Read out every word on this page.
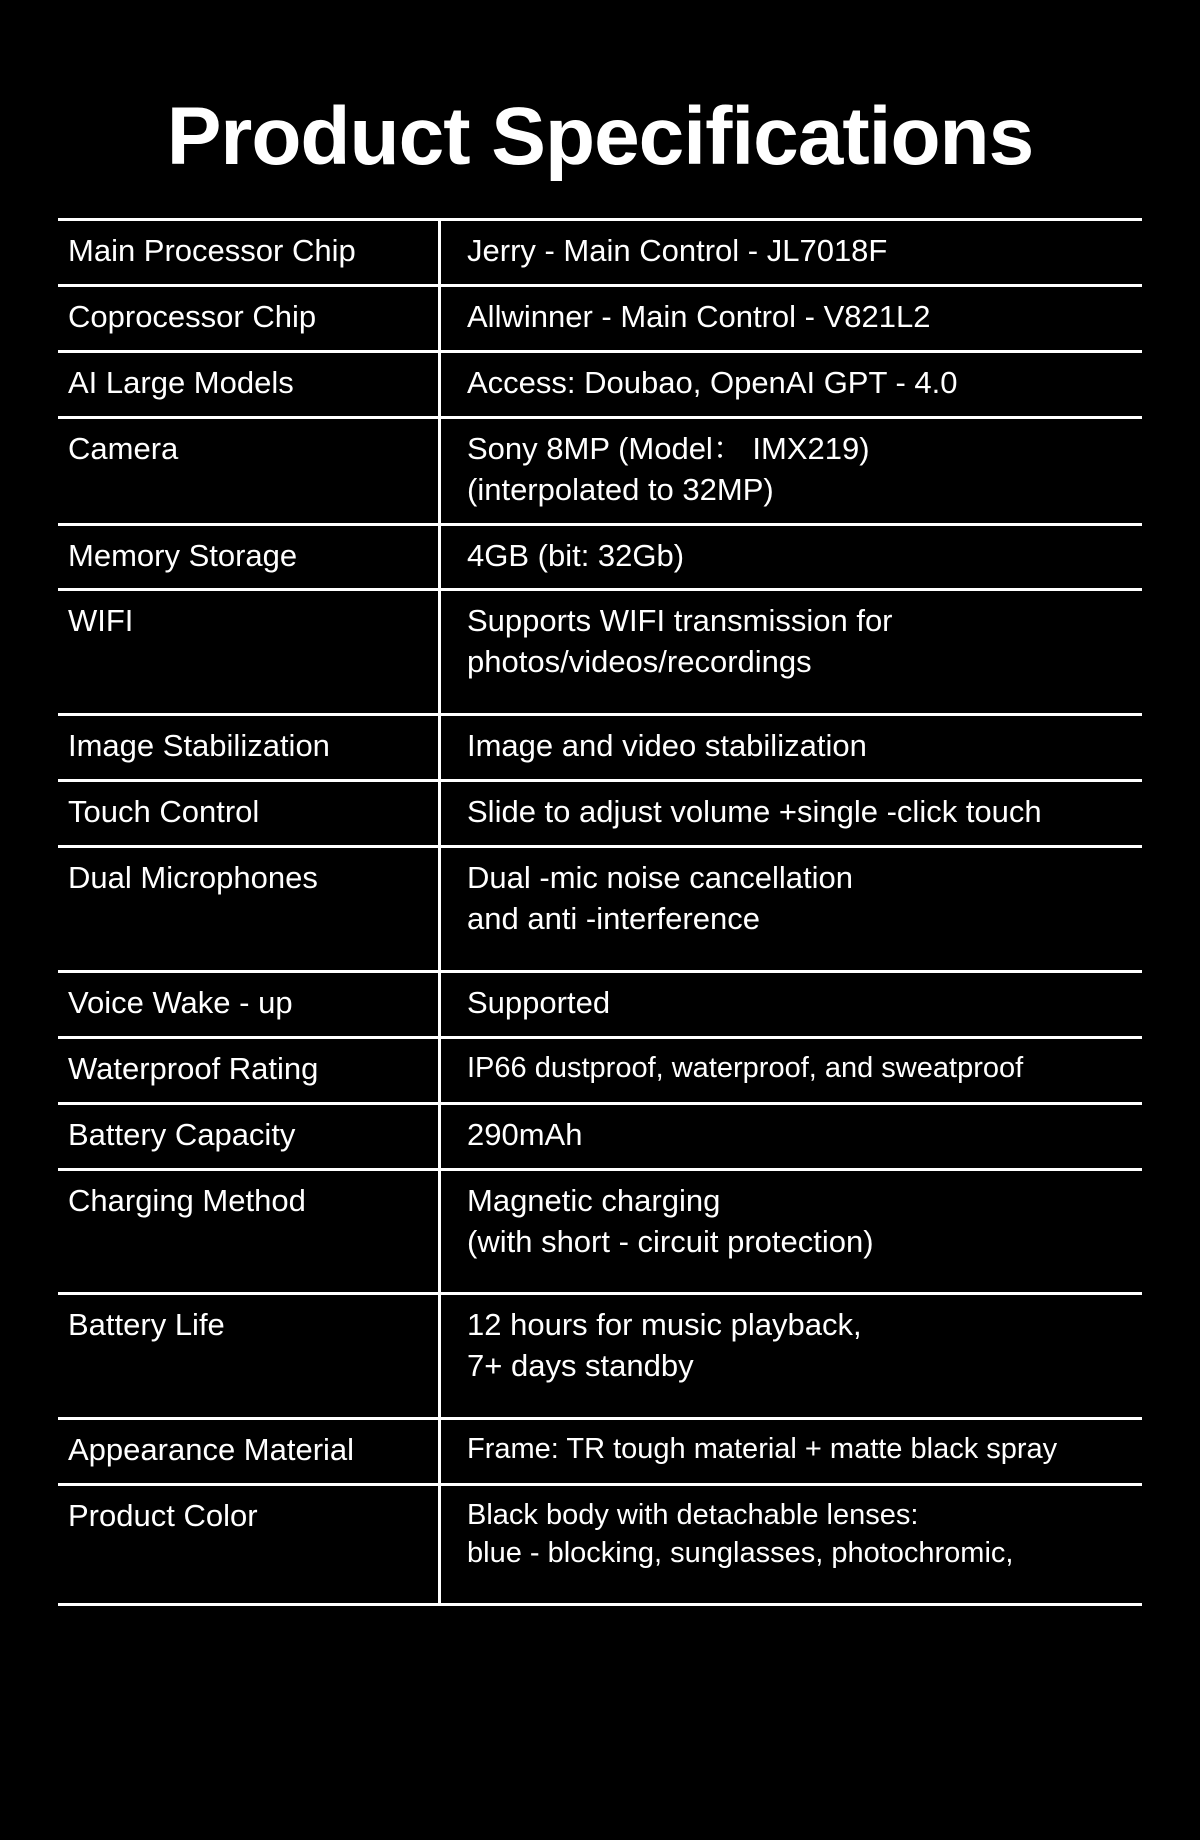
Product Specifications
Main Processor Chip	Jerry - Main Control - JL7018F

Coprocessor Chip	Allwinner - Main Control - V821L2

AI Large Models	Access: Doubao, OpenAI GPT - 4.0

Camera	Sony 8MP (Model： IMX219)
(interpolated to 32MP)

Memory Storage	4GB (bit: 32Gb)

WIFI	Supports WIFI transmission for
photos/videos/recordings

Image Stabilization	Image and video stabilization

Touch Control	Slide to adjust volume +single -click touch

Dual Microphones	Dual -mic noise cancellation
and anti -interference

Voice Wake - up	Supported

Waterproof Rating	IP66 dustproof, waterproof, and sweatproof

Battery Capacity	290mAh

Charging Method	Magnetic charging
(with short - circuit protection)

Battery Life	12 hours for music playback,
7+ days standby

Appearance Material	Frame: TR tough material + matte black spray

Product Color	Black body with detachable lenses:
blue - blocking, sunglasses, photochromic,
